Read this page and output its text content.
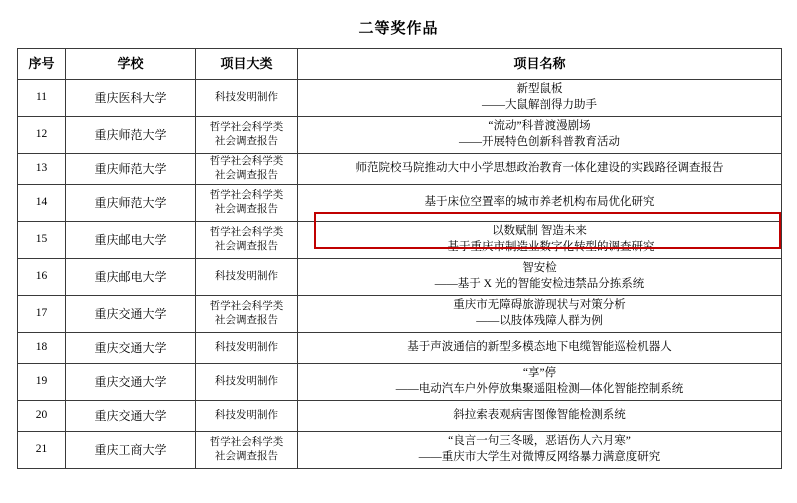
二等奖作品
序号	学校	项目大类	项目名称
11	重庆医科大学	科技发明制作	新型鼠板
——大鼠解剖得力助手

12	重庆师范大学	哲学社会科学类
社会调查报告	“流动”科普渡漫剧场
——开展特色创新科普教育活动

13	重庆师范大学	哲学社会科学类
社会调查报告	师范院校马院推动大中小学思想政治教育一体化建设的实践路径调查报告

14	重庆师范大学	哲学社会科学类
社会调查报告	基于床位空置率的城市养老机构布局优化研究

15	重庆邮电大学	哲学社会科学类
社会调查报告	以数赋制 智造未来
——基于重庆市制造业数字化转型的调查研究

16	重庆邮电大学	科技发明制作	智安检
——基于 X 光的智能安检违禁品分拣系统

17	重庆交通大学	哲学社会科学类
社会调查报告	重庆市无障碍旅游现状与对策分析
——以肢体残障人群为例

18	重庆交通大学	科技发明制作	基于声波通信的新型多模态地下电缆智能巡检机器人

19	重庆交通大学	科技发明制作	“享”停
——电动汽车户外停放集聚遥阻检测—体化智能控制系统

20	重庆交通大学	科技发明制作	斜拉索表观病害图像智能检测系统

21	重庆工商大学	哲学社会科学类
社会调查报告	“良言一句三冬暖，恶语伤人六月寒”
——重庆市大学生对微博反网络暴力满意度研究
